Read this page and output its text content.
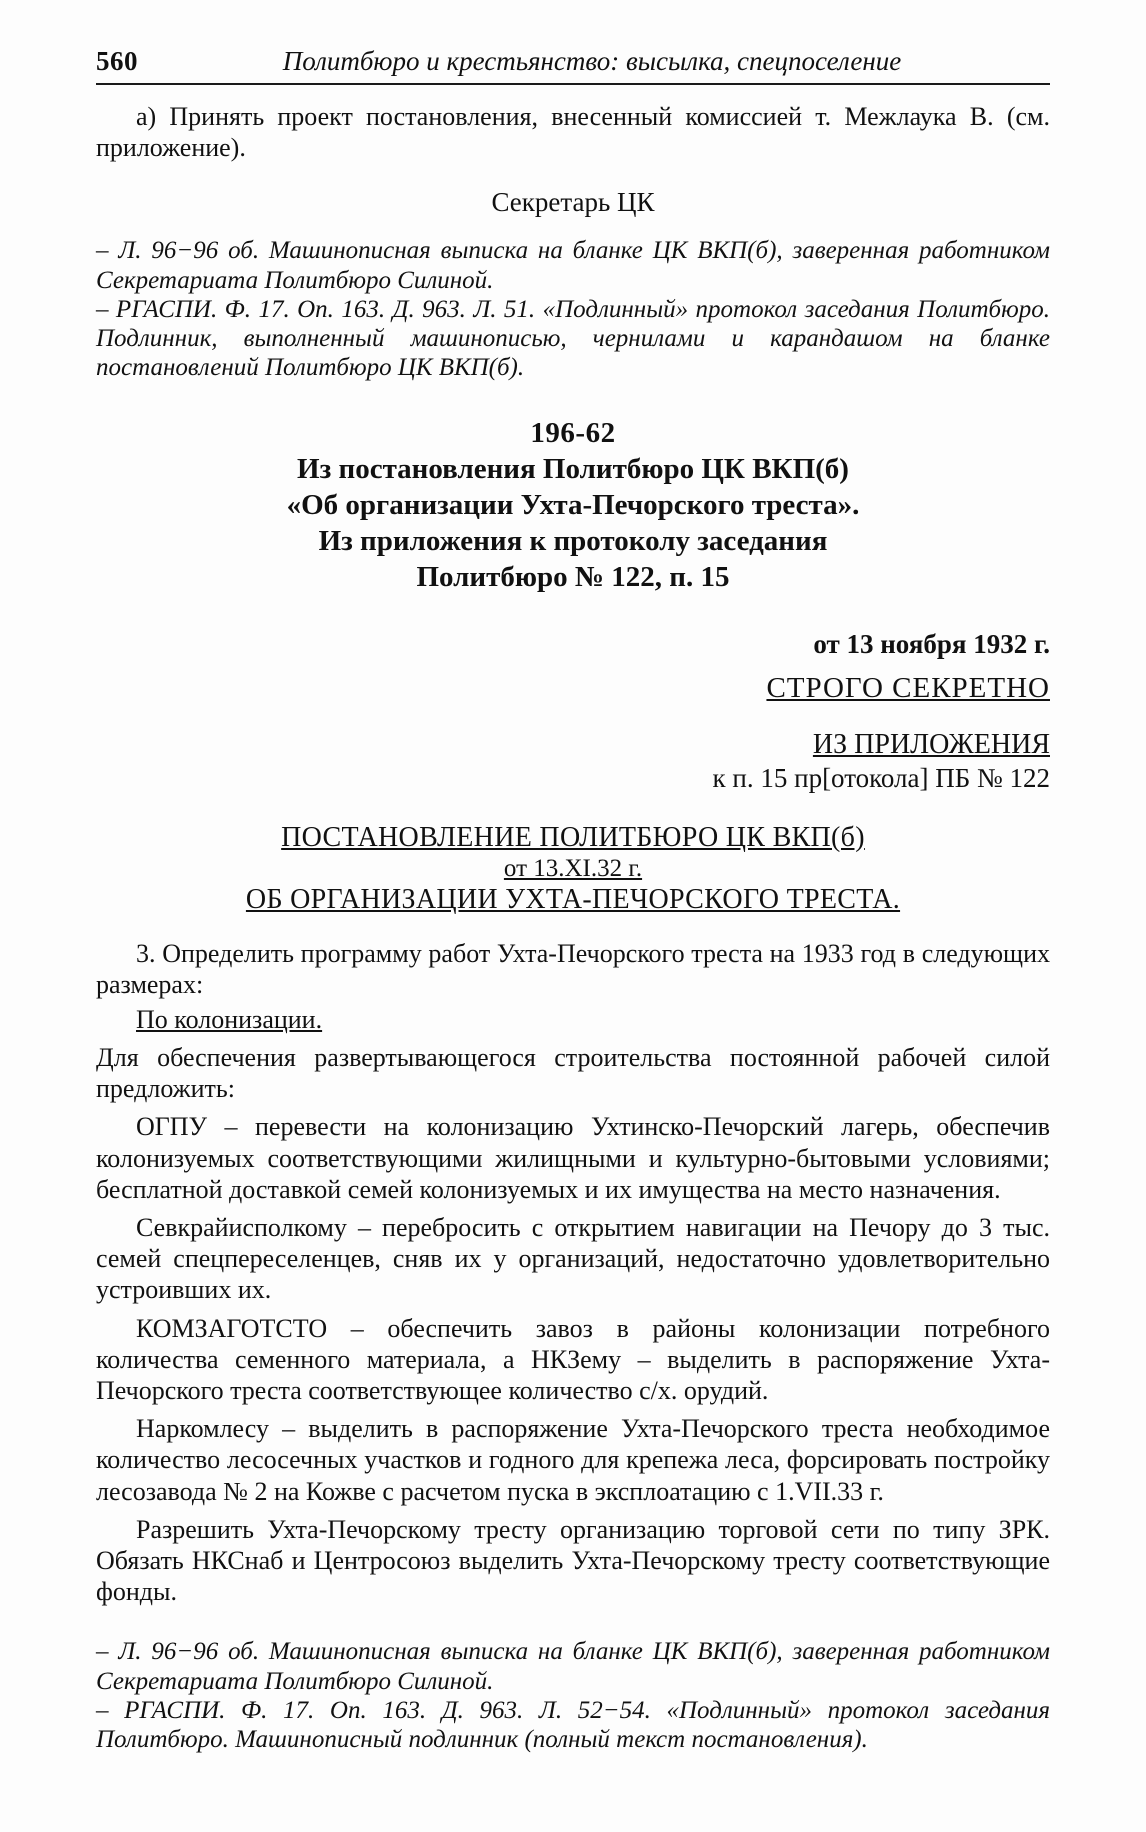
560	Политбюро и крестьянство: высылка, спецпоселение

а) Принять проект постановления, внесенный комиссией т. Межлаука В. (см. приложение).

Секретарь ЦК

– Л. 96−96 об. Машинописная выписка на бланке ЦК ВКП(б), заверенная работником Секретариата Политбюро Силиной.

– РГАСПИ. Ф. 17. Оп. 163. Д. 963. Л. 51. «Подлинный» протокол заседания Политбюро. Подлинник, выполненный машинописью, чернилами и карандашом на бланке постановлений Политбюро ЦК ВКП(б).

196-62
Из постановления Политбюро ЦК ВКП(б)
«Об организации Ухта-Печорского треста».
Из приложения к протоколу заседания
Политбюро № 122, п. 15
от 13 ноября 1932 г.
СТРОГО СЕКРЕТНО
ИЗ ПРИЛОЖЕНИЯ
к п. 15 пр[отокола] ПБ № 122
ПОСТАНОВЛЕНИЕ ПОЛИТБЮРО ЦК ВКП(б)
от 13.XI.32 г.
ОБ ОРГАНИЗАЦИИ УХТА-ПЕЧОРСКОГО ТРЕСТА.

3. Определить программу работ Ухта-Печорского треста на 1933 год в следующих размерах:

По колонизации.

Для обеспечения развертывающегося строительства постоянной рабочей силой предложить:

ОГПУ – перевести на колонизацию Ухтинско-Печорский лагерь, обеспечив колонизуемых соответствующими жилищными и культурно-бытовыми условиями; бесплатной доставкой семей колонизуемых и их имущества на место назначения.

Севкрайисполкому – перебросить с открытием навигации на Печору до 3 тыс. семей спецпереселенцев, сняв их у организаций, недостаточно удовлетворительно устроивших их.

КОМЗАГОТСТО – обеспечить завоз в районы колонизации потребного количества семенного материала, а НКЗему – выделить в распоряжение Ухта-Печорского треста соответствующее количество с/х. орудий.

Наркомлесу – выделить в распоряжение Ухта-Печорского треста необходимое количество лесосечных участков и годного для крепежа леса, форсировать постройку лесозавода № 2 на Кожве с расчетом пуска в эксплоатацию с 1.VII.33 г.

Разрешить Ухта-Печорскому тресту организацию торговой сети по типу ЗРК. Обязать НКСнаб и Центросоюз выделить Ухта-Печорскому тресту соответствующие фонды.

– Л. 96−96 об. Машинописная выписка на бланке ЦК ВКП(б), заверенная работником Секретариата Политбюро Силиной.

– РГАСПИ. Ф. 17. Оп. 163. Д. 963. Л. 52−54. «Подлинный» протокол заседания Политбюро. Машинописный подлинник (полный текст постановления).
